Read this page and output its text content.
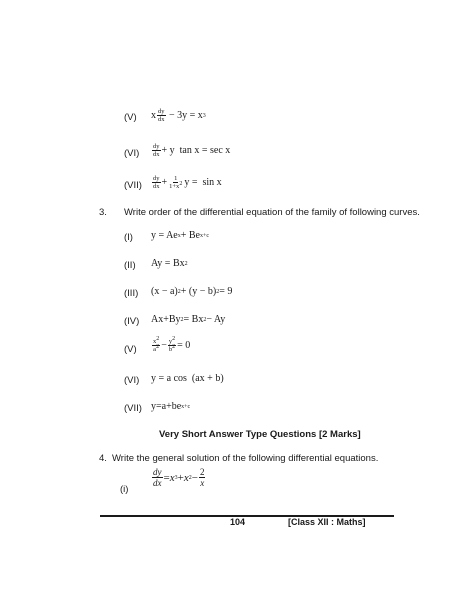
(V) x $\frac{dy}{dx} - 3y = x$ 3
$(VI) \frac{dy}{dx} + y$  tan x = sec x
$(VII) \frac{dy}{dx} + \frac{1}{1+x^2}$ y =  sin x
3. Write order of the differential equation of the family of following curves.
(I) y = Ae x + Be x+c
(II) Ay = Bx 2
(III) (x − a) 2 + (y − b) 2 = 9
(IV) Ax+By 2 = Bx 2 − Ay
$(V) \frac{x^2}{a^2} - \frac{y^2}{b^2} = 0$
(VI) y = a cos  (ax + b)
(VII) y=a+be x+c
Very Short Answer Type Questions [2 Marks]
4. Write the general solution of the following differential equations.
(i)
$\frac{dy}{dx} = x$ 3 + x $2 - \frac{2}{x}$
104	[Class XII : Maths]
